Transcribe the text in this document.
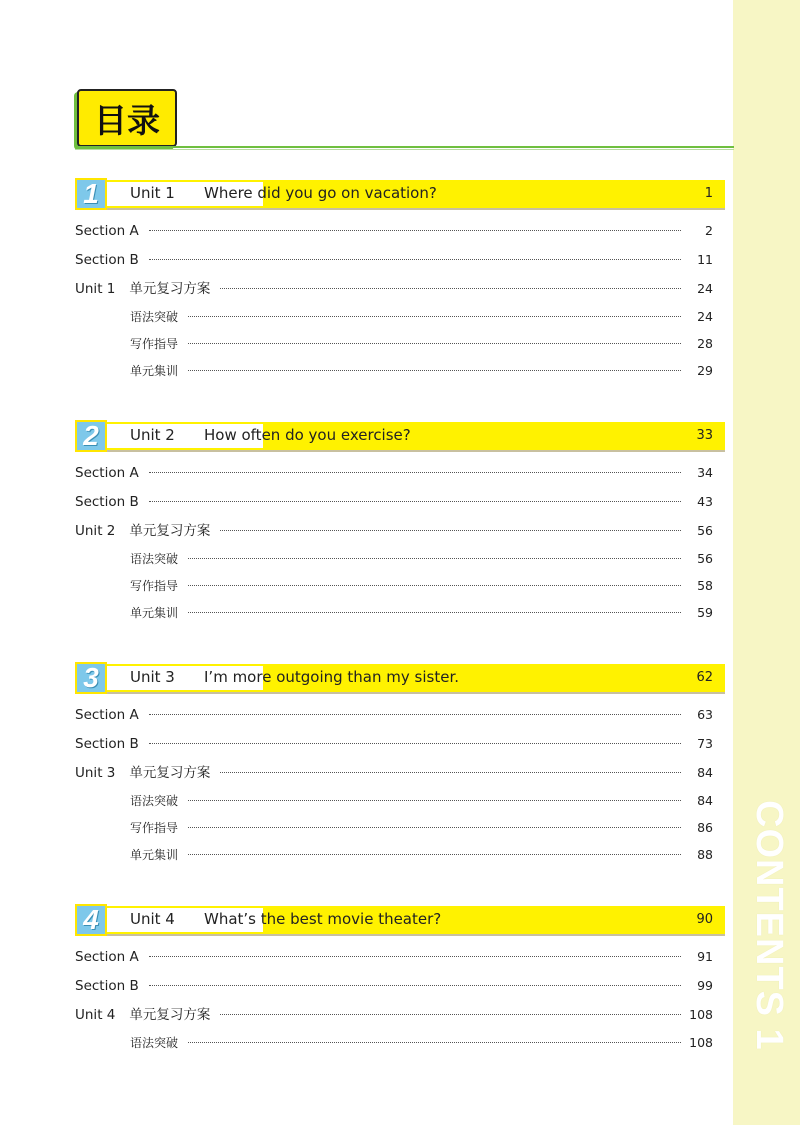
CONTENTS 1
目录
1	Unit 1 Where did you go on vacation?	1
Section A	2
Section B	11
Unit 1 单元复习方案	24
语法突破	24
写作指导	28
单元集训	29
2	Unit 2 How often do you exercise?	33
Section A	34
Section B	43
Unit 2 单元复习方案	56
语法突破	56
写作指导	58
单元集训	59
3	Unit 3 I’m more outgoing than my sister.	62
Section A	63
Section B	73
Unit 3 单元复习方案	84
语法突破	84
写作指导	86
单元集训	88
4	Unit 4 What’s the best movie theater?	90
Section A	91
Section B	99
Unit 4 单元复习方案	108
语法突破	108
